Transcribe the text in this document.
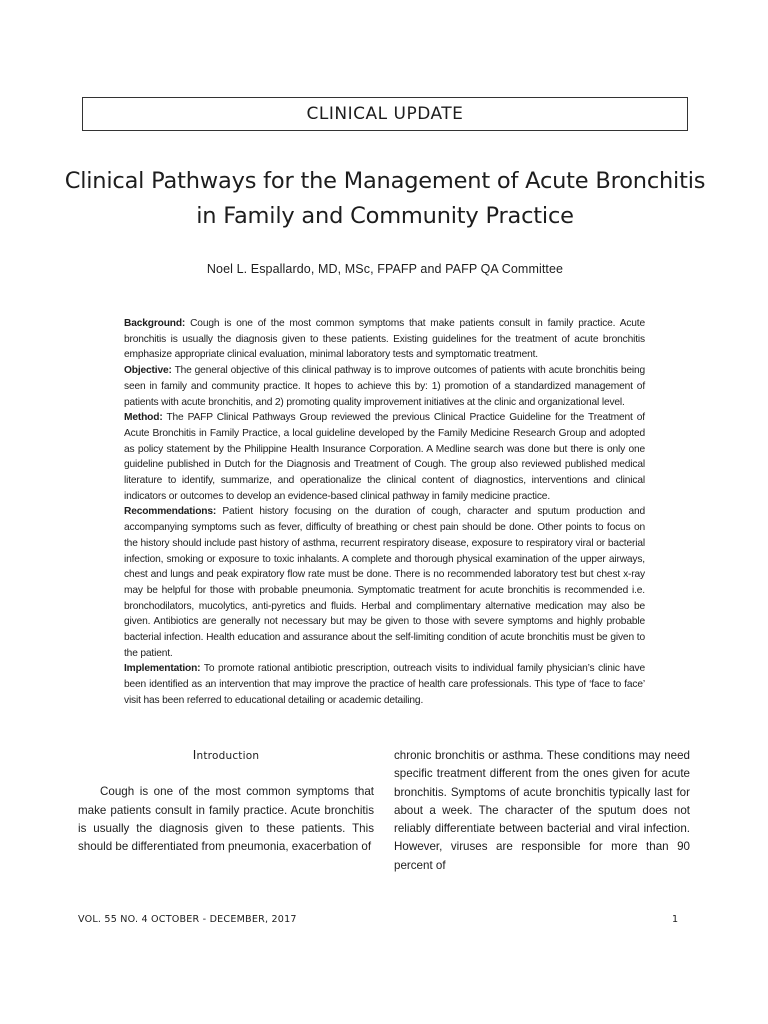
CLINICAL UPDATE
Clinical Pathways for the Management of Acute Bronchitis in Family and Community Practice
Noel L. Espallardo, MD, MSc, FPAFP and PAFP QA Committee

Background: Cough is one of the most common symptoms that make patients consult in family practice. Acute bronchitis is usually the diagnosis given to these patients. Existing guidelines for the treatment of acute bronchitis emphasize appropriate clinical evaluation, minimal laboratory tests and symptomatic treatment.

Objective: The general objective of this clinical pathway is to improve outcomes of patients with acute bronchitis being seen in family and community practice. It hopes to achieve this by: 1) promotion of a standardized management of patients with acute bronchitis, and 2) promoting quality improvement initiatives at the clinic and organizational level.

Method: The PAFP Clinical Pathways Group reviewed the previous Clinical Practice Guideline for the Treatment of Acute Bronchitis in Family Practice, a local guideline developed by the Family Medicine Research Group and adopted as policy statement by the Philippine Health Insurance Corporation. A Medline search was done but there is only one guideline published in Dutch for the Diagnosis and Treatment of Cough. The group also reviewed published medical literature to identify, summarize, and operationalize the clinical content of diagnostics, interventions and clinical indicators or outcomes to develop an evidence-based clinical pathway in family medicine practice.

Recommendations: Patient history focusing on the duration of cough, character and sputum production and accompanying symptoms such as fever, difficulty of breathing or chest pain should be done. Other points to focus on the history should include past history of asthma, recurrent respiratory disease, exposure to respiratory viral or bacterial infection, smoking or exposure to toxic inhalants. A complete and thorough physical examination of the upper airways, chest and lungs and peak expiratory flow rate must be done. There is no recommended laboratory test but chest x-ray may be helpful for those with probable pneumonia. Symptomatic treatment for acute bronchitis is recommended i.e. bronchodilators, mucolytics, anti-pyretics and fluids. Herbal and complimentary alternative medication may also be given. Antibiotics are generally not necessary but may be given to those with severe symptoms and highly probable bacterial infection. Health education and assurance about the self-limiting condition of acute bronchitis must be given to the patient.

Implementation: To promote rational antibiotic prescription, outreach visits to individual family physician’s clinic have been identified as an intervention that may improve the practice of health care professionals. This type of ‘face to face’ visit has been referred to educational detailing or academic detailing.

Introduction

Cough is one of the most common symptoms that make patients consult in family practice. Acute bronchitis is usually the diagnosis given to these patients. This should be differentiated from pneumonia, exacerbation of

chronic bronchitis or asthma. These conditions may need specific treatment different from the ones given for acute bronchitis. Symptoms of acute bronchitis typically last for about a week. The character of the sputum does not reliably differentiate between bacterial and viral infection. However, viruses are responsible for more than 90 percent of

VOL. 55 NO. 4 OCTOBER - DECEMBER, 2017	1
